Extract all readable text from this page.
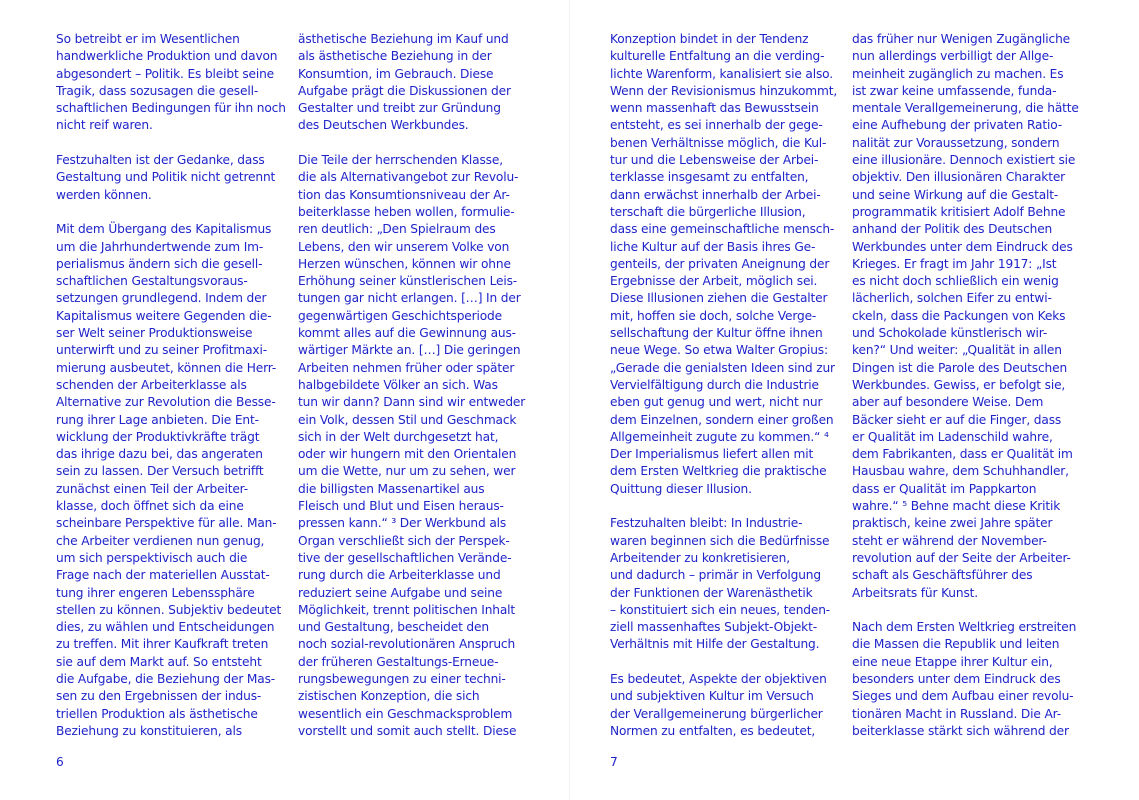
So betreibt er im Wesentlichen
handwerkliche Produktion und davon
abgesondert – Politik. Es bleibt seine
Tragik, dass sozusagen die gesell-
schaftlichen Bedingungen für ihn noch
nicht reif waren.

Festzuhalten ist der Gedanke, dass
Gestaltung und Politik nicht getrennt
werden können.

Mit dem Übergang des Kapitalismus
um die Jahrhundertwende zum Im-
perialismus ändern sich die gesell-
schaftlichen Gestaltungsvoraus-
setzungen grundlegend. Indem der
Kapitalismus weitere Gegenden die-
ser Welt seiner Produktionsweise
unterwirft und zu seiner Profitmaxi-
mierung ausbeutet, können die Herr-
schenden der Arbeiterklasse als
Alternative zur Revolution die Besse-
rung ihrer Lage anbieten. Die Ent-
wicklung der Produktivkräfte trägt
das ihrige dazu bei, das angeraten
sein zu lassen. Der Versuch betrifft
zunächst einen Teil der Arbeiter-
klasse, doch öffnet sich da eine
scheinbare Perspektive für alle. Man-
che Arbeiter verdienen nun genug,
um sich perspektivisch auch die
Frage nach der materiellen Ausstat-
tung ihrer engeren Lebenssphäre
stellen zu können. Subjektiv bedeutet
dies, zu wählen und Entscheidungen
zu treffen. Mit ihrer Kaufkraft treten
sie auf dem Markt auf. So entsteht
die Aufgabe, die Beziehung der Mas-
sen zu den Ergebnissen der indus-
triellen Produktion als ästhetische
Beziehung zu konstituieren, als

ästhetische Beziehung im Kauf und
als ästhetische Beziehung in der
Konsumtion, im Gebrauch. Diese
Aufgabe prägt die Diskussionen der
Gestalter und treibt zur Gründung
des Deutschen Werkbundes.

Die Teile der herrschenden Klasse,
die als Alternativangebot zur Revolu-
tion das Konsumtionsniveau der Ar-
beiterklasse heben wollen, formulie-
ren deutlich: „Den Spielraum des
Lebens, den wir unserem Volke von
Herzen wünschen, können wir ohne
Erhöhung seiner künstlerischen Leis-
tungen gar nicht erlangen. […] In der
gegenwärtigen Geschichtsperiode
kommt alles auf die Gewinnung aus-
wärtiger Märkte an. […] Die geringen
Arbeiten nehmen früher oder später
halbgebildete Völker an sich. Was
tun wir dann? Dann sind wir entweder
ein Volk, dessen Stil und Geschmack
sich in der Welt durchgesetzt hat,
oder wir hungern mit den Orientalen
um die Wette, nur um zu sehen, wer
die billigsten Massenartikel aus
Fleisch und Blut und Eisen heraus-
pressen kann.“ ³ Der Werkbund als
Organ verschließt sich der Perspek-
tive der gesellschaftlichen Verände-
rung durch die Arbeiterklasse und
reduziert seine Aufgabe und seine
Möglichkeit, trennt politischen Inhalt
und Gestaltung, bescheidet den
noch sozial-revolutionären Anspruch
der früheren Gestaltungs-Erneue-
rungsbewegungen zu einer techni-
zistischen Konzeption, die sich
wesentlich ein Geschmacksproblem
vorstellt und somit auch stellt. Diese

6

Konzeption bindet in der Tendenz
kulturelle Entfaltung an die verding-
lichte Warenform, kanalisiert sie also.
Wenn der Revisionismus hinzukommt,
wenn massenhaft das Bewusstsein
entsteht, es sei innerhalb der gege-
benen Verhältnisse möglich, die Kul-
tur und die Lebensweise der Arbei-
terklasse insgesamt zu entfalten,
dann erwächst innerhalb der Arbei-
terschaft die bürgerliche Illusion,
dass eine gemeinschaftliche mensch-
liche Kultur auf der Basis ihres Ge-
genteils, der privaten Aneignung der
Ergebnisse der Arbeit, möglich sei.
Diese Illusionen ziehen die Gestalter
mit, hoffen sie doch, solche Verge-
sellschaftung der Kultur öffne ihnen
neue Wege. So etwa Walter Gropius:
„Gerade die genialsten Ideen sind zur
Vervielfältigung durch die Industrie
eben gut genug und wert, nicht nur
dem Einzelnen, sondern einer großen
Allgemeinheit zugute zu kommen.“ ⁴
Der Imperialismus liefert allen mit
dem Ersten Weltkrieg die praktische
Quittung dieser Illusion.

Festzuhalten bleibt: In Industrie-
waren beginnen sich die Bedürfnisse
Arbeitender zu konkretisieren,
und dadurch – primär in Verfolgung
der Funktionen der Warenästhetik
– konstituiert sich ein neues, tenden-
ziell massenhaftes Subjekt-Objekt-
Verhältnis mit Hilfe der Gestaltung.

Es bedeutet, Aspekte der objektiven
und subjektiven Kultur im Versuch
der Verallgemeinerung bürgerlicher
Normen zu entfalten, es bedeutet,

das früher nur Wenigen Zugängliche
nun allerdings verbilligt der Allge-
meinheit zugänglich zu machen. Es
ist zwar keine umfassende, funda-
mentale Verallgemeinerung, die hätte
eine Aufhebung der privaten Ratio-
nalität zur Voraussetzung, sondern
eine illusionäre. Dennoch existiert sie
objektiv. Den illusionären Charakter
und seine Wirkung auf die Gestalt-
programmatik kritisiert Adolf Behne
anhand der Politik des Deutschen
Werkbundes unter dem Eindruck des
Krieges. Er fragt im Jahr 1917: „Ist
es nicht doch schließlich ein wenig
lächerlich, solchen Eifer zu entwi-
ckeln, dass die Packungen von Keks
und Schokolade künstlerisch wir-
ken?“ Und weiter: „Qualität in allen
Dingen ist die Parole des Deutschen
Werkbundes. Gewiss, er befolgt sie,
aber auf besondere Weise. Dem
Bäcker sieht er auf die Finger, dass
er Qualität im Ladenschild wahre,
dem Fabrikanten, dass er Qualität im
Hausbau wahre, dem Schuhhandler,
dass er Qualität im Pappkarton
wahre.“ ⁵ Behne macht diese Kritik
praktisch, keine zwei Jahre später
steht er während der November-
revolution auf der Seite der Arbeiter-
schaft als Geschäftsführer des
Arbeitsrats für Kunst.

Nach dem Ersten Weltkrieg erstreiten
die Massen die Republik und leiten
eine neue Etappe ihrer Kultur ein,
besonders unter dem Eindruck des
Sieges und dem Aufbau einer revolu-
tionären Macht in Russland. Die Ar-
beiterklasse stärkt sich während der

7
